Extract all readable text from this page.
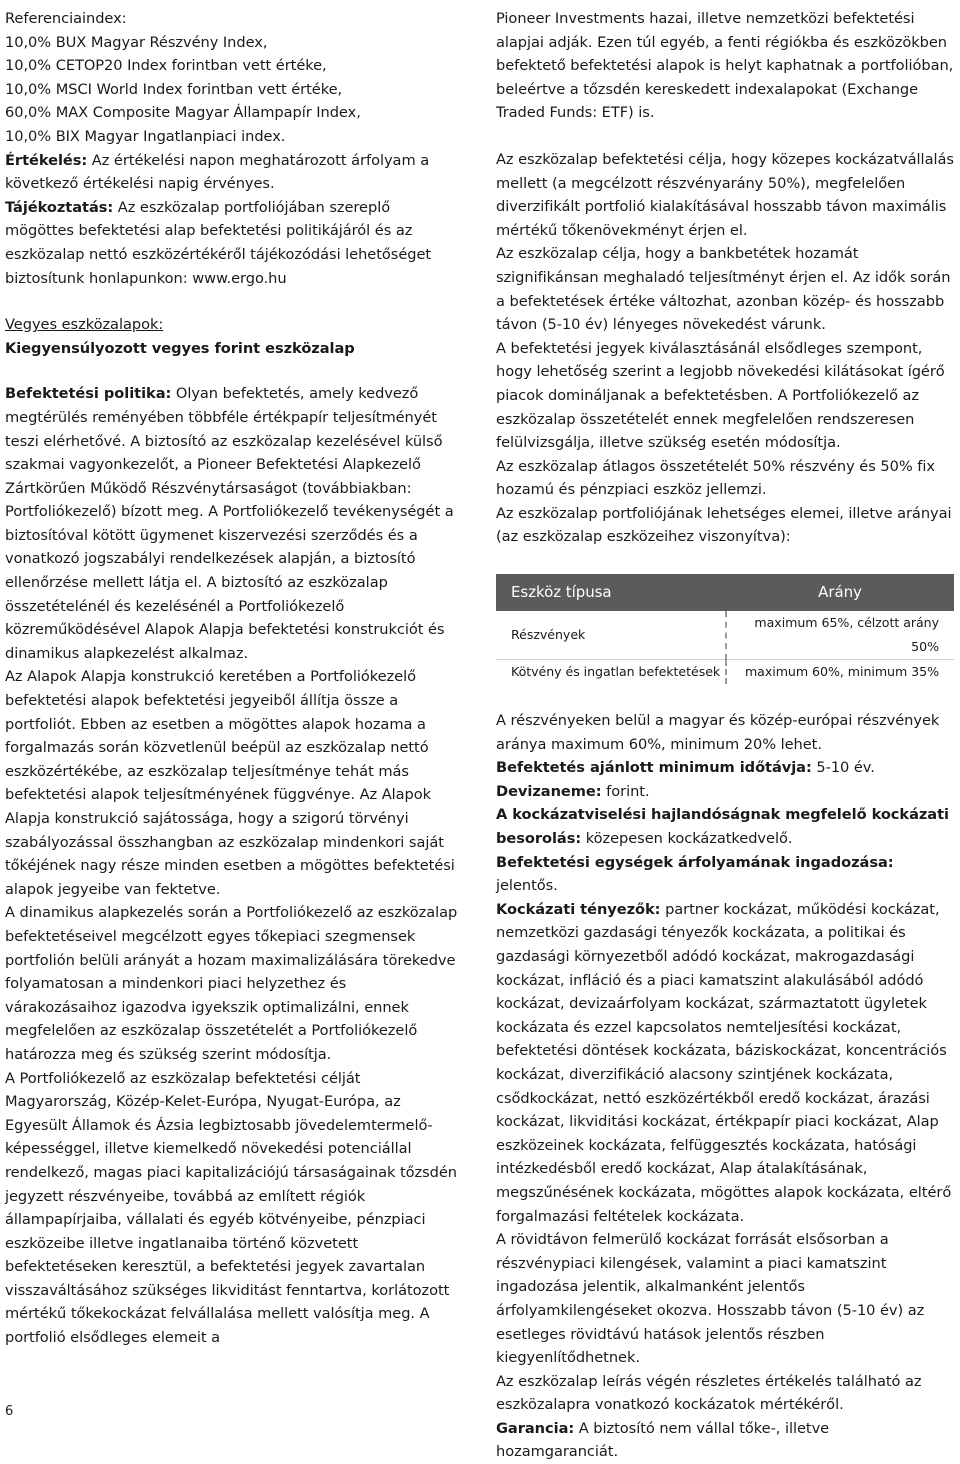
Referenciaindex:

10,0% BUX Magyar Részvény Index,

10,0% CETOP20 Index forintban vett értéke,

10,0% MSCI World Index forintban vett értéke,

60,0% MAX Composite Magyar Állampapír Index,

10,0% BIX Magyar Ingatlanpiaci index.

Értékelés: Az értékelési napon meghatározott árfolyam a következő értékelési napig érvényes.

Tájékoztatás: Az eszközalap portfoliójában szereplő mögöttes befektetési alap befektetési politikájáról és az eszközalap nettó eszközértékéről tájékozódási lehetőséget biztosítunk honlapunkon: www.ergo.hu

Vegyes eszközalapok:

Kiegyensúlyozott vegyes forint eszközalap

Befektetési politika: Olyan befektetés, amely kedvező megtérülés reményében többféle értékpapír teljesítményét teszi elérhetővé. A biztosító az eszközalap kezelésével külső szakmai vagyonkezelőt, a Pioneer Befektetési Alapkezelő Zártkörűen Működő Részvénytársaságot (továbbiakban: Portfoliókezelő) bízott meg. A Portfoliókezelő tevékenységét a biztosítóval kötött ügymenet kiszervezési szerződés és a vonatkozó jogszabályi rendelkezések alapján, a biztosító ellenőrzése mellett látja el. A biztosító az eszközalap összetételénél és kezelésénél a Portfoliókezelő közreműködésével Alapok Alapja befektetési konstrukciót és dinamikus alapkezelést alkalmaz.

Az Alapok Alapja konstrukció keretében a Portfoliókezelő befektetési alapok befektetési jegyeiből állítja össze a portfoliót. Ebben az esetben a mögöttes alapok hozama a forgalmazás során közvetlenül beépül az eszközalap nettó eszközértékébe, az eszközalap teljesítménye tehát más befektetési alapok teljesítményének függvénye. Az Alapok Alapja konstrukció sajátossága, hogy a szigorú törvényi szabályozással összhangban az eszközalap mindenkori saját tőkéjének nagy része minden esetben a mögöttes befektetési alapok jegyeibe van fektetve.

A dinamikus alapkezelés során a Portfoliókezelő az eszközalap befektetéseivel megcélzott egyes tőkepiaci szegmensek portfolión belüli arányát a hozam maximalizálására törekedve folyamatosan a mindenkori piaci helyzethez és várakozásaihoz igazodva igyekszik optimalizálni, ennek megfelelően az eszközalap összetételét a Portfoliókezelő határozza meg és szükség szerint módosítja.

A Portfoliókezelő az eszközalap befektetési célját Magyarország, Közép-Kelet-Európa, Nyugat-Európa, az Egyesült Államok és Ázsia legbiztosabb jövedelemtermelő-képességgel, illetve kiemelkedő növekedési potenciállal rendelkező, magas piaci kapitalizációjú társaságainak tőzsdén jegyzett részvényeibe, továbbá az említett régiók állampapírjaiba, vállalati és egyéb kötvényeibe, pénzpiaci eszközeibe illetve ingatlanaiba történő közvetett befektetéseken keresztül, a befektetési jegyek zavartalan visszaváltásához szükséges likviditást fenntartva, korlátozott mértékű tőkekockázat felvállalása mellett valósítja meg. A portfolió elsődleges elemeit a

Pioneer Investments hazai, illetve nemzetközi befektetési alapjai adják. Ezen túl egyéb, a fenti régiókba és eszközökben befektető befektetési alapok is helyt kaphatnak a portfolióban, beleértve a tőzsdén kereskedett indexalapokat (Exchange Traded Funds: ETF) is.

Az eszközalap befektetési célja, hogy közepes kockázatvállalás mellett (a megcélzott részvényarány 50%), megfelelően diverzifikált portfolió kialakításával hosszabb távon maximális mértékű tőkenövekményt érjen el.

Az eszközalap célja, hogy a bankbetétek hozamát szignifikánsan meghaladó teljesítményt érjen el. Az idők során a befektetések értéke változhat, azonban közép- és hosszabb távon (5-10 év) lényeges növekedést várunk.

A befektetési jegyek kiválasztásánál elsődleges szempont, hogy lehetőség szerint a legjobb növekedési kilátásokat ígérő piacok domináljanak a befektetésben. A Portfoliókezelő az eszközalap összetételét ennek megfelelően rendszeresen felülvizsgálja, illetve szükség esetén módosítja.

Az eszközalap átlagos összetételét 50% részvény és 50% fix hozamú és pénzpiaci eszköz jellemzi.

Az eszközalap portfoliójának lehetséges elemei, illetve arányai (az eszközalap eszközeihez viszonyítva):

Eszköz típusa	Arány
Részvények	maximum 65%, célzott arány 50%
Kötvény és ingatlan befektetések	maximum 60%, minimum 35%

A részvényeken belül a magyar és közép-európai részvények aránya maximum 60%, minimum 20% lehet.

Befektetés ajánlott minimum időtávja: 5-10 év.

Devizaneme: forint.

A kockázatviselési hajlandóságnak megfelelő kockázati besorolás: közepesen kockázatkedvelő.

Befektetési egységek árfolyamának ingadozása: jelentős.

Kockázati tényezők: partner kockázat, működési kockázat, nemzetközi gazdasági tényezők kockázata, a politikai és gazdasági környezetből adódó kockázat, makrogazdasági kockázat, infláció és a piaci kamatszint alakulásából adódó kockázat, devizaárfolyam kockázat, származtatott ügyletek kockázata és ezzel kapcsolatos nemteljesítési kockázat, befektetési döntések kockázata, báziskockázat, koncentrációs kockázat, diverzifikáció alacsony szintjének kockázata, csődkockázat, nettó eszközértékből eredő kockázat, árazási kockázat, likviditási kockázat, értékpapír piaci kockázat, Alap eszközeinek kockázata, felfüggesztés kockázata, hatósági intézkedésből eredő kockázat, Alap átalakításának, megszűnésének kockázata, mögöttes alapok kockázata, eltérő forgalmazási feltételek kockázata.

A rövidtávon felmerülő kockázat forrását elsősorban a részvénypiaci kilengések, valamint a piaci kamatszint ingadozása jelentik, alkalmanként jelentős árfolyamkilengéseket okozva. Hosszabb távon (5-10 év) az esetleges rövidtávú hatások jelentős részben kiegyenlítődhetnek.

Az eszközalap leírás végén részletes értékelés található az eszközalapra vonatkozó kockázatok mértékéről.

Garancia: A biztosító nem vállal tőke-, illetve hozamgaranciát.

6
